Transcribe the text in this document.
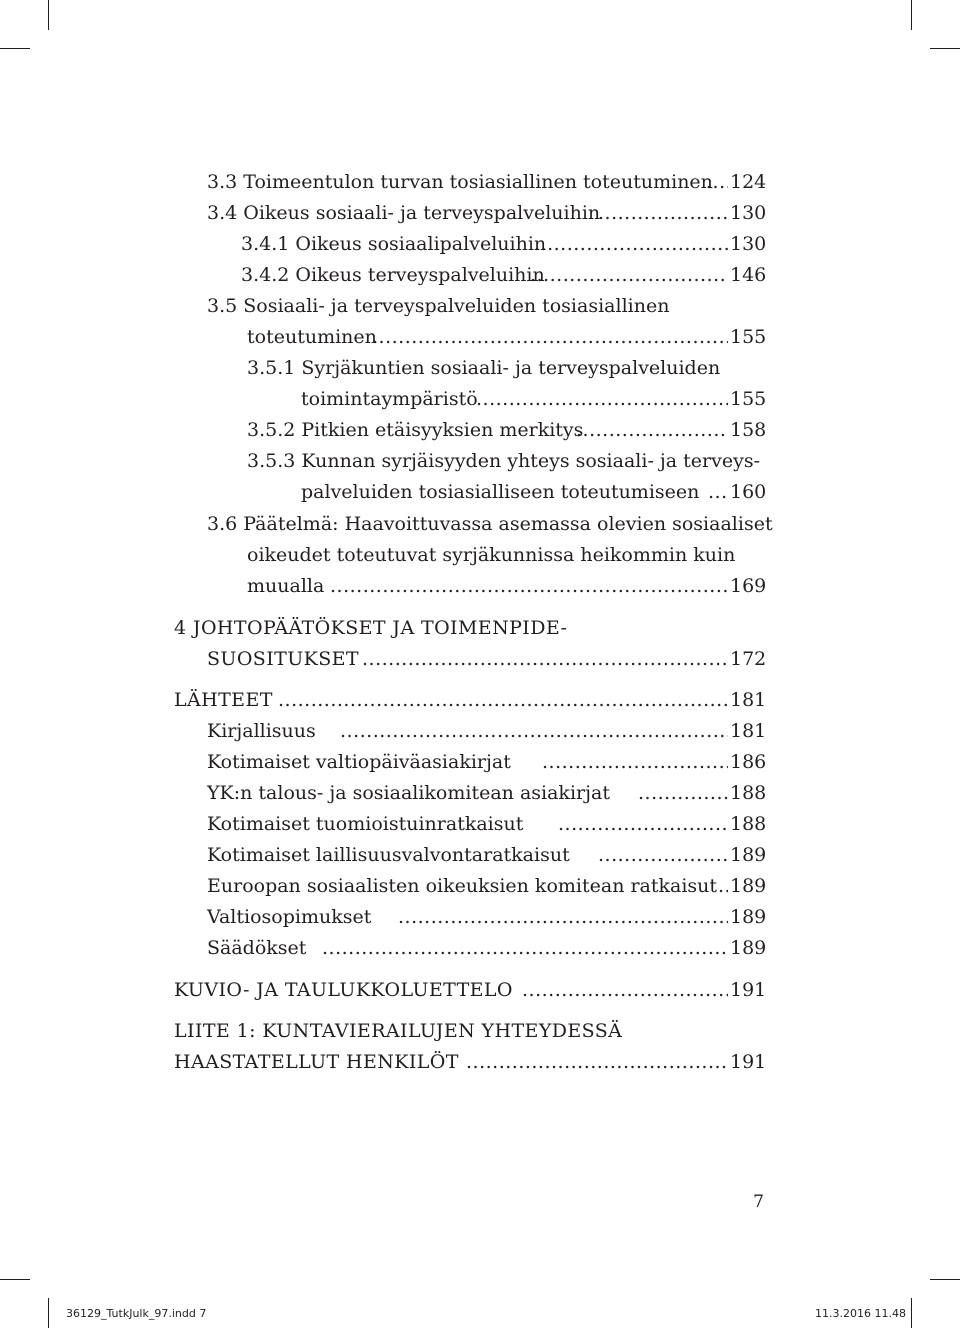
3.3 Toimeentulon turvan tosiasiallinen toteutuminen ..... 124
3.4 Oikeus sosiaali- ja terveyspalveluihin .....	130
3.4.1 Oikeus sosiaalipalveluihin .....	130
3.4.2 Oikeus terveyspalveluihin .....	146
3.5 Sosiaali- ja terveyspalveluiden tosiasiallinen
toteutuminen .....	155
3.5.1 Syrjäkuntien sosiaali- ja terveyspalveluiden
toimintaympäristö .....	155
3.5.2 Pitkien etäisyyksien merkitys .....	158
3.5.3 Kunnan syrjäisyyden yhteys sosiaali- ja terveys-
palveluiden tosiasialliseen toteutumiseen ..... 160
3.6 Päätelmä: Haavoittuvassa asemassa olevien sosiaaliset
oikeudet toteutuvat syrjäkunnissa heikommin kuin
muualla .....	169
4 JOHTOPÄÄTÖKSET JA TOIMENPIDE-
SUOSITUKSET .....	172
LÄHTEET .....	181
Kirjallisuus .....	181
Kotimaiset valtiopäiväasiakirjat .....	186
YK:n talous- ja sosiaalikomitean asiakirjat .....	188
Kotimaiset tuomioistuinratkaisut .....	188
Kotimaiset laillisuusvalvontaratkaisut .....	189
Euroopan sosiaalisten oikeuksien komitean ratkaisut ..... 189
Valtiosopimukset .....	189
Säädökset .....	189
KUVIO- JA TAULUKKOLUETTELO .....	191
LIITE 1: KUNTAVIERAILUJEN YHTEYDESSÄ
HAASTATELLUT HENKILÖT .....	191
7
36129_TutkJulk_97.indd 7	11.3.2016 11.48
